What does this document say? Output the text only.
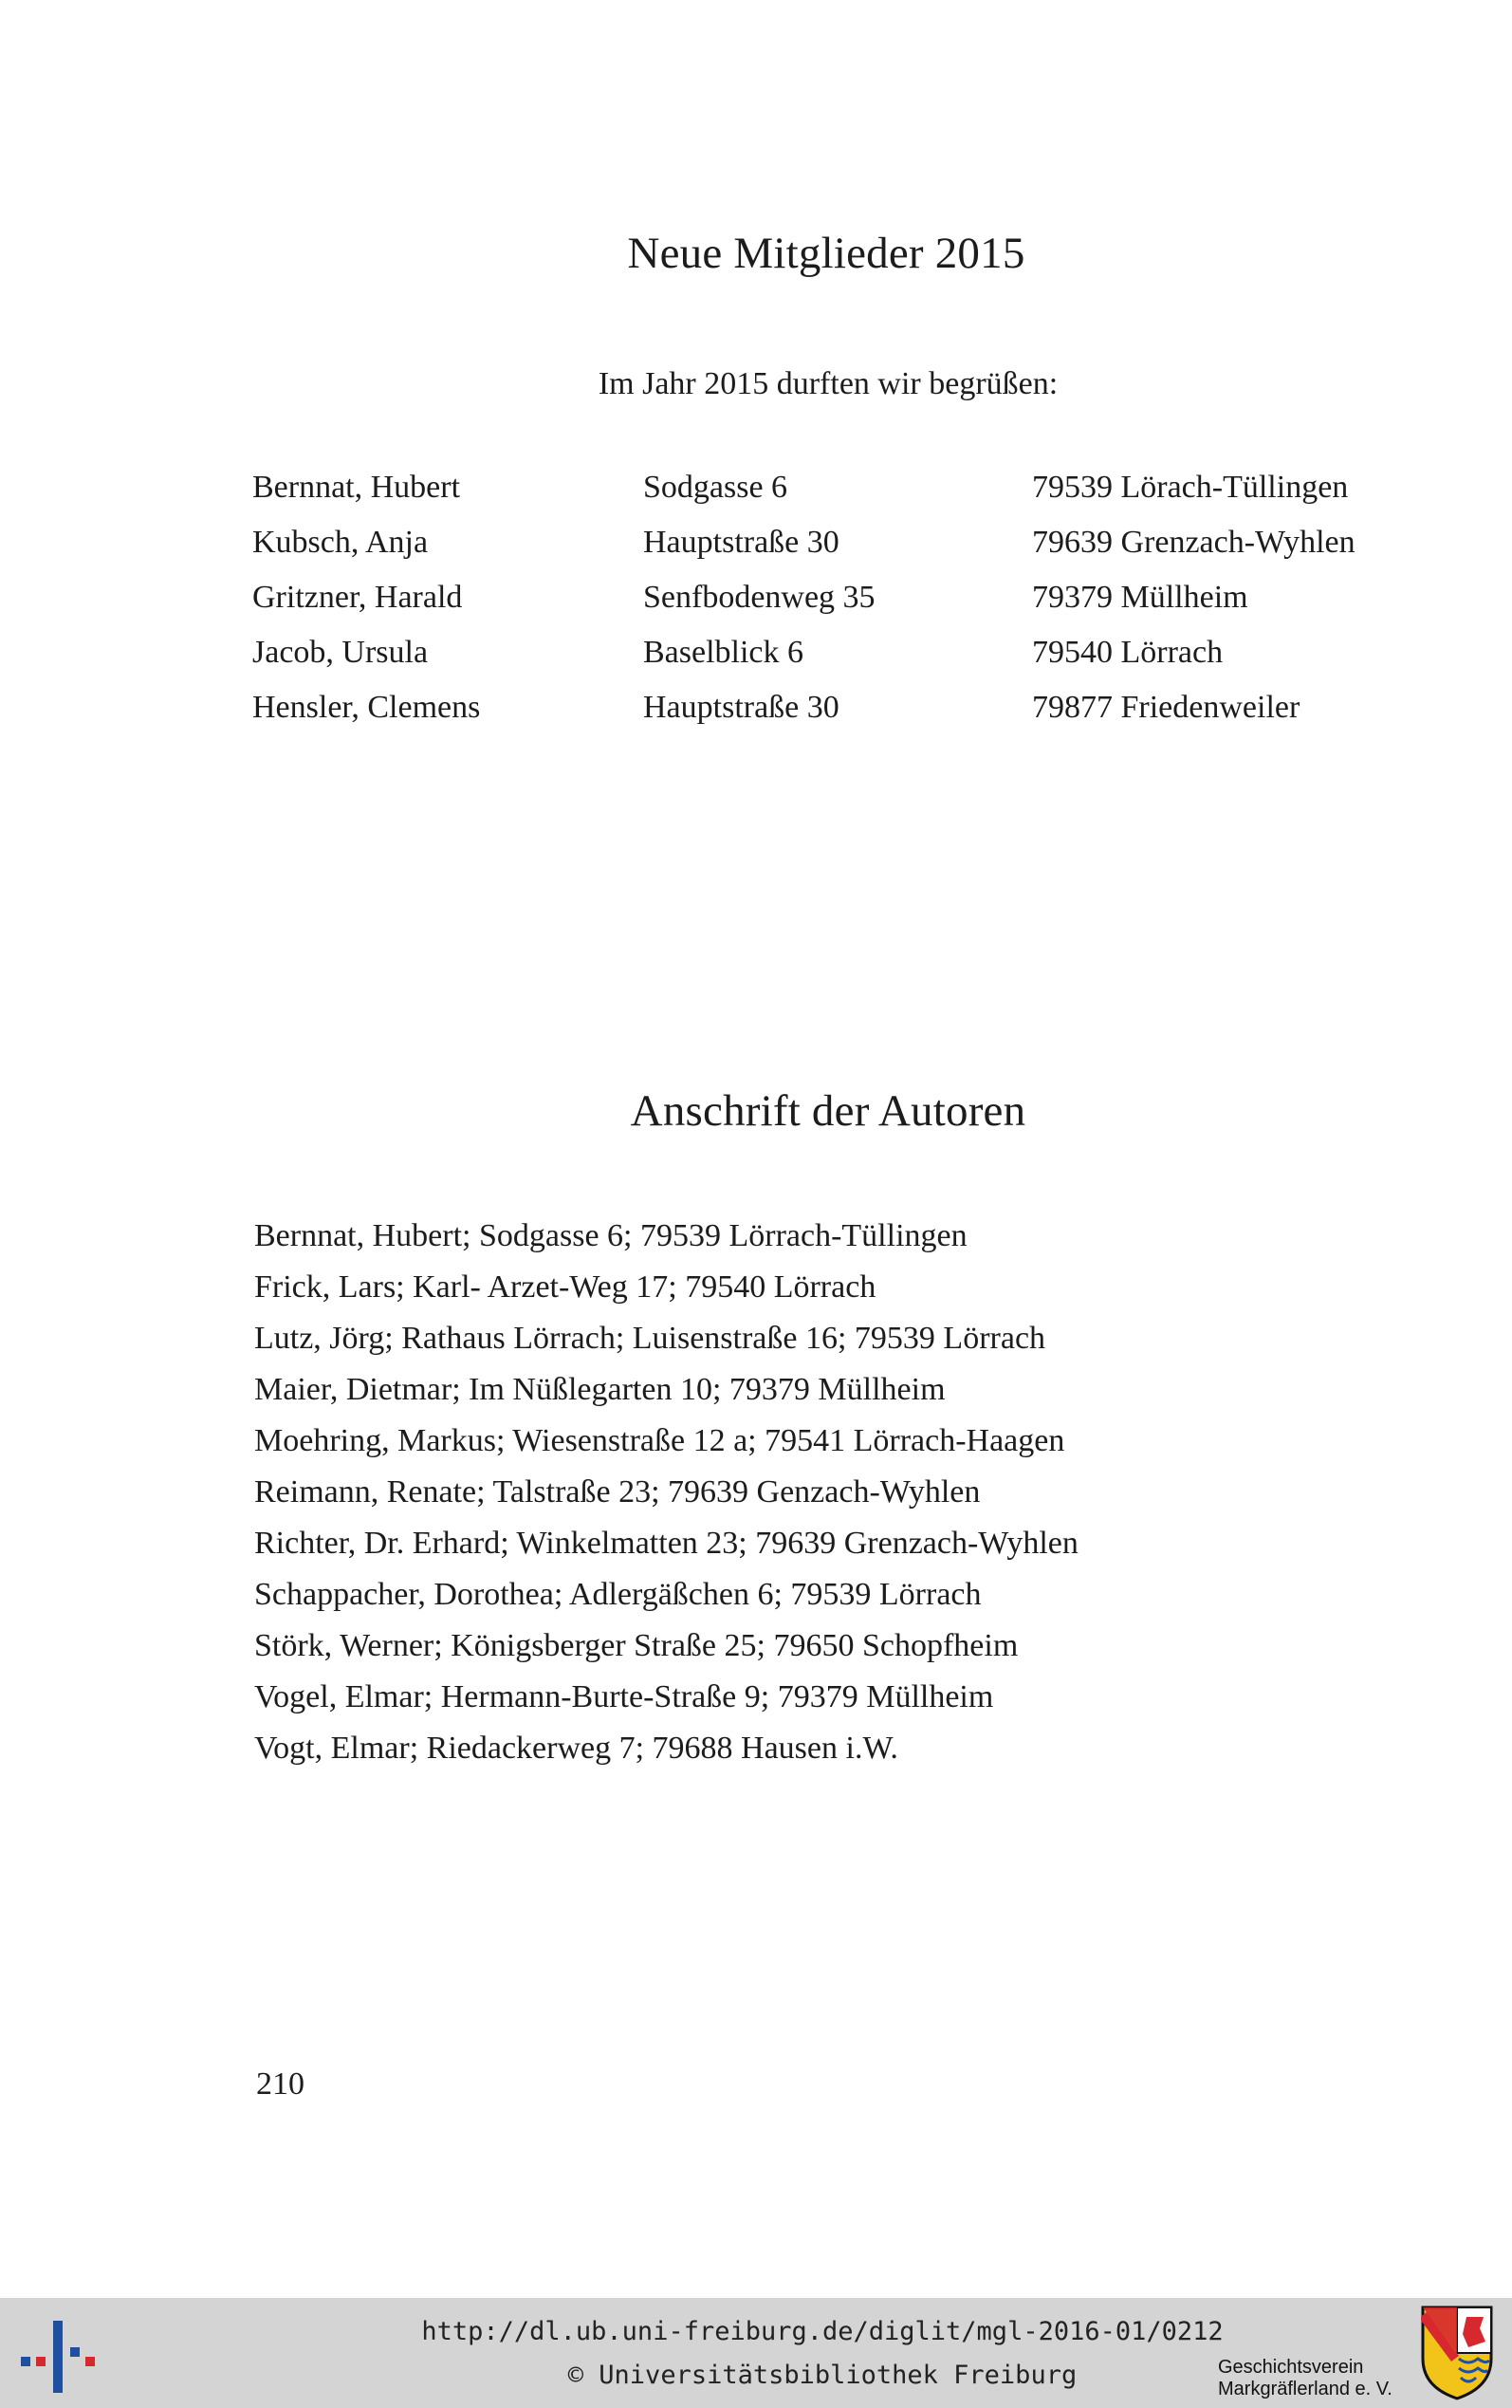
Neue Mitglieder 2015
Im Jahr 2015 durften wir begrüßen:
Bernnat, Hubert	Sodgasse 6	79539 Lörach-Tüllingen
Kubsch, Anja	Hauptstraße 30	79639 Grenzach-Wyhlen
Gritzner, Harald	Senfbodenweg 35	79379 Müllheim
Jacob, Ursula	Baselblick 6	79540 Lörrach
Hensler, Clemens	Hauptstraße 30	79877 Friedenweiler
Anschrift der Autoren
Bernnat, Hubert; Sodgasse 6; 79539 Lörrach-Tüllingen
Frick, Lars; Karl- Arzet-Weg 17; 79540 Lörrach
Lutz, Jörg; Rathaus Lörrach; Luisenstraße 16; 79539 Lörrach
Maier, Dietmar; Im Nüßlegarten 10; 79379 Müllheim
Moehring, Markus; Wiesenstraße 12 a; 79541 Lörrach-Haagen
Reimann, Renate; Talstraße 23; 79639 Genzach-Wyhlen
Richter, Dr. Erhard; Winkelmatten 23; 79639 Grenzach-Wyhlen
Schappacher, Dorothea; Adlergäßchen 6; 79539 Lörrach
Störk, Werner; Königsberger Straße 25; 79650 Schopfheim
Vogel, Elmar; Hermann-Burte-Straße 9; 79379 Müllheim
Vogt, Elmar; Riedackerweg 7; 79688 Hausen i.W.
210
http://dl.ub.uni-freiburg.de/diglit/mgl-2016-01/0212
© Universitätsbibliothek Freiburg	Geschichtsverein
Markgräflerland e. V.
